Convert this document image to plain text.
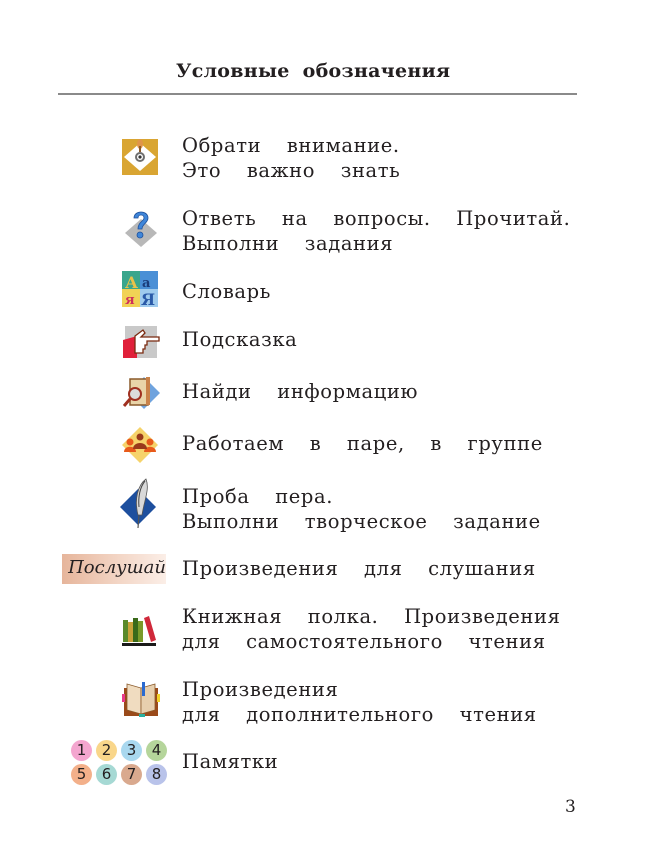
Условные обозначения
Обрати  внимание.
Это  важно  знать
Ответь  на  вопросы.  Прочитай.
Выполни  задания
А а
я Я Словарь
Подсказка
Найди  информацию
Работаем  в  паре,  в  группе
Проба  пера.
Выполни  творческое  задание
Послушай Произведения  для  слушания
Книжная  полка.  Произведения
для  самостоятельного  чтения
Произведения
для  дополнительного  чтения
1	2	3	4
5	6	7	8
Памятки
3
